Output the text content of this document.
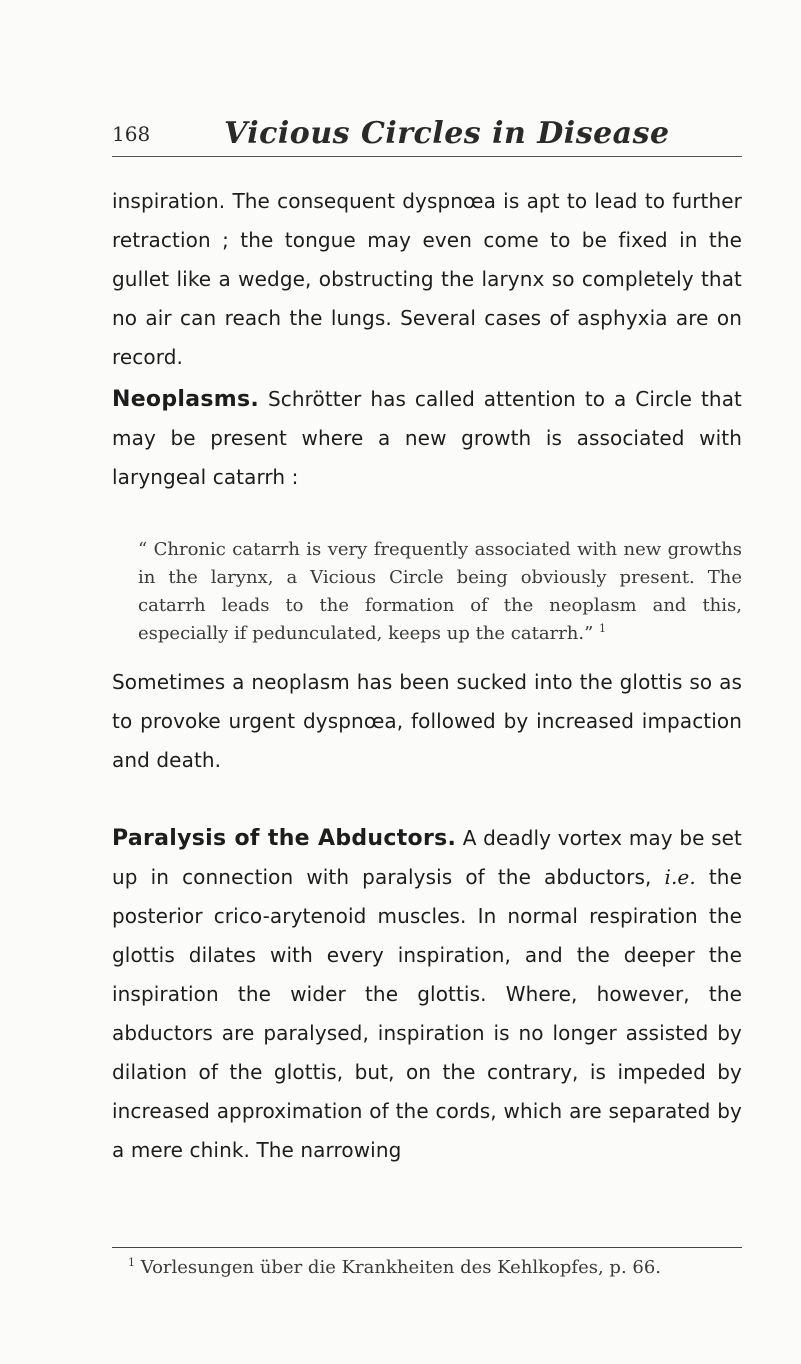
168 Vicious Circles in Disease

inspiration. The consequent dyspnœa is apt to lead to further retraction ; the tongue may even come to be fixed in the gullet like a wedge, obstructing the larynx so completely that no air can reach the lungs. Several cases of asphyxia are on record.

Neoplasms. Schrötter has called attention to a Circle that may be present where a new growth is associated with laryngeal catarrh :

“ Chronic catarrh is very frequently associated with new growths in the larynx, a Vicious Circle being obviously present. The catarrh leads to the formation of the neoplasm and this, especially if pedunculated, keeps up the catarrh.” $^1$

Sometimes a neoplasm has been sucked into the glottis so as to provoke urgent dyspnœa, followed by increased impaction and death.

Paralysis of the Abductors. A deadly vortex may be set up in connection with paralysis of the abductors, i.e. the posterior crico-arytenoid muscles. In normal respiration the glottis dilates with every inspiration, and the deeper the inspiration the wider the glottis. Where, however, the abductors are paralysed, inspiration is no longer assisted by dilation of the glottis, but, on the contrary, is impeded by increased approximation of the cords, which are separated by a mere chink. The narrowing

$^1$ Vorlesungen über die Krankheiten des Kehlkopfes, p. 66.
